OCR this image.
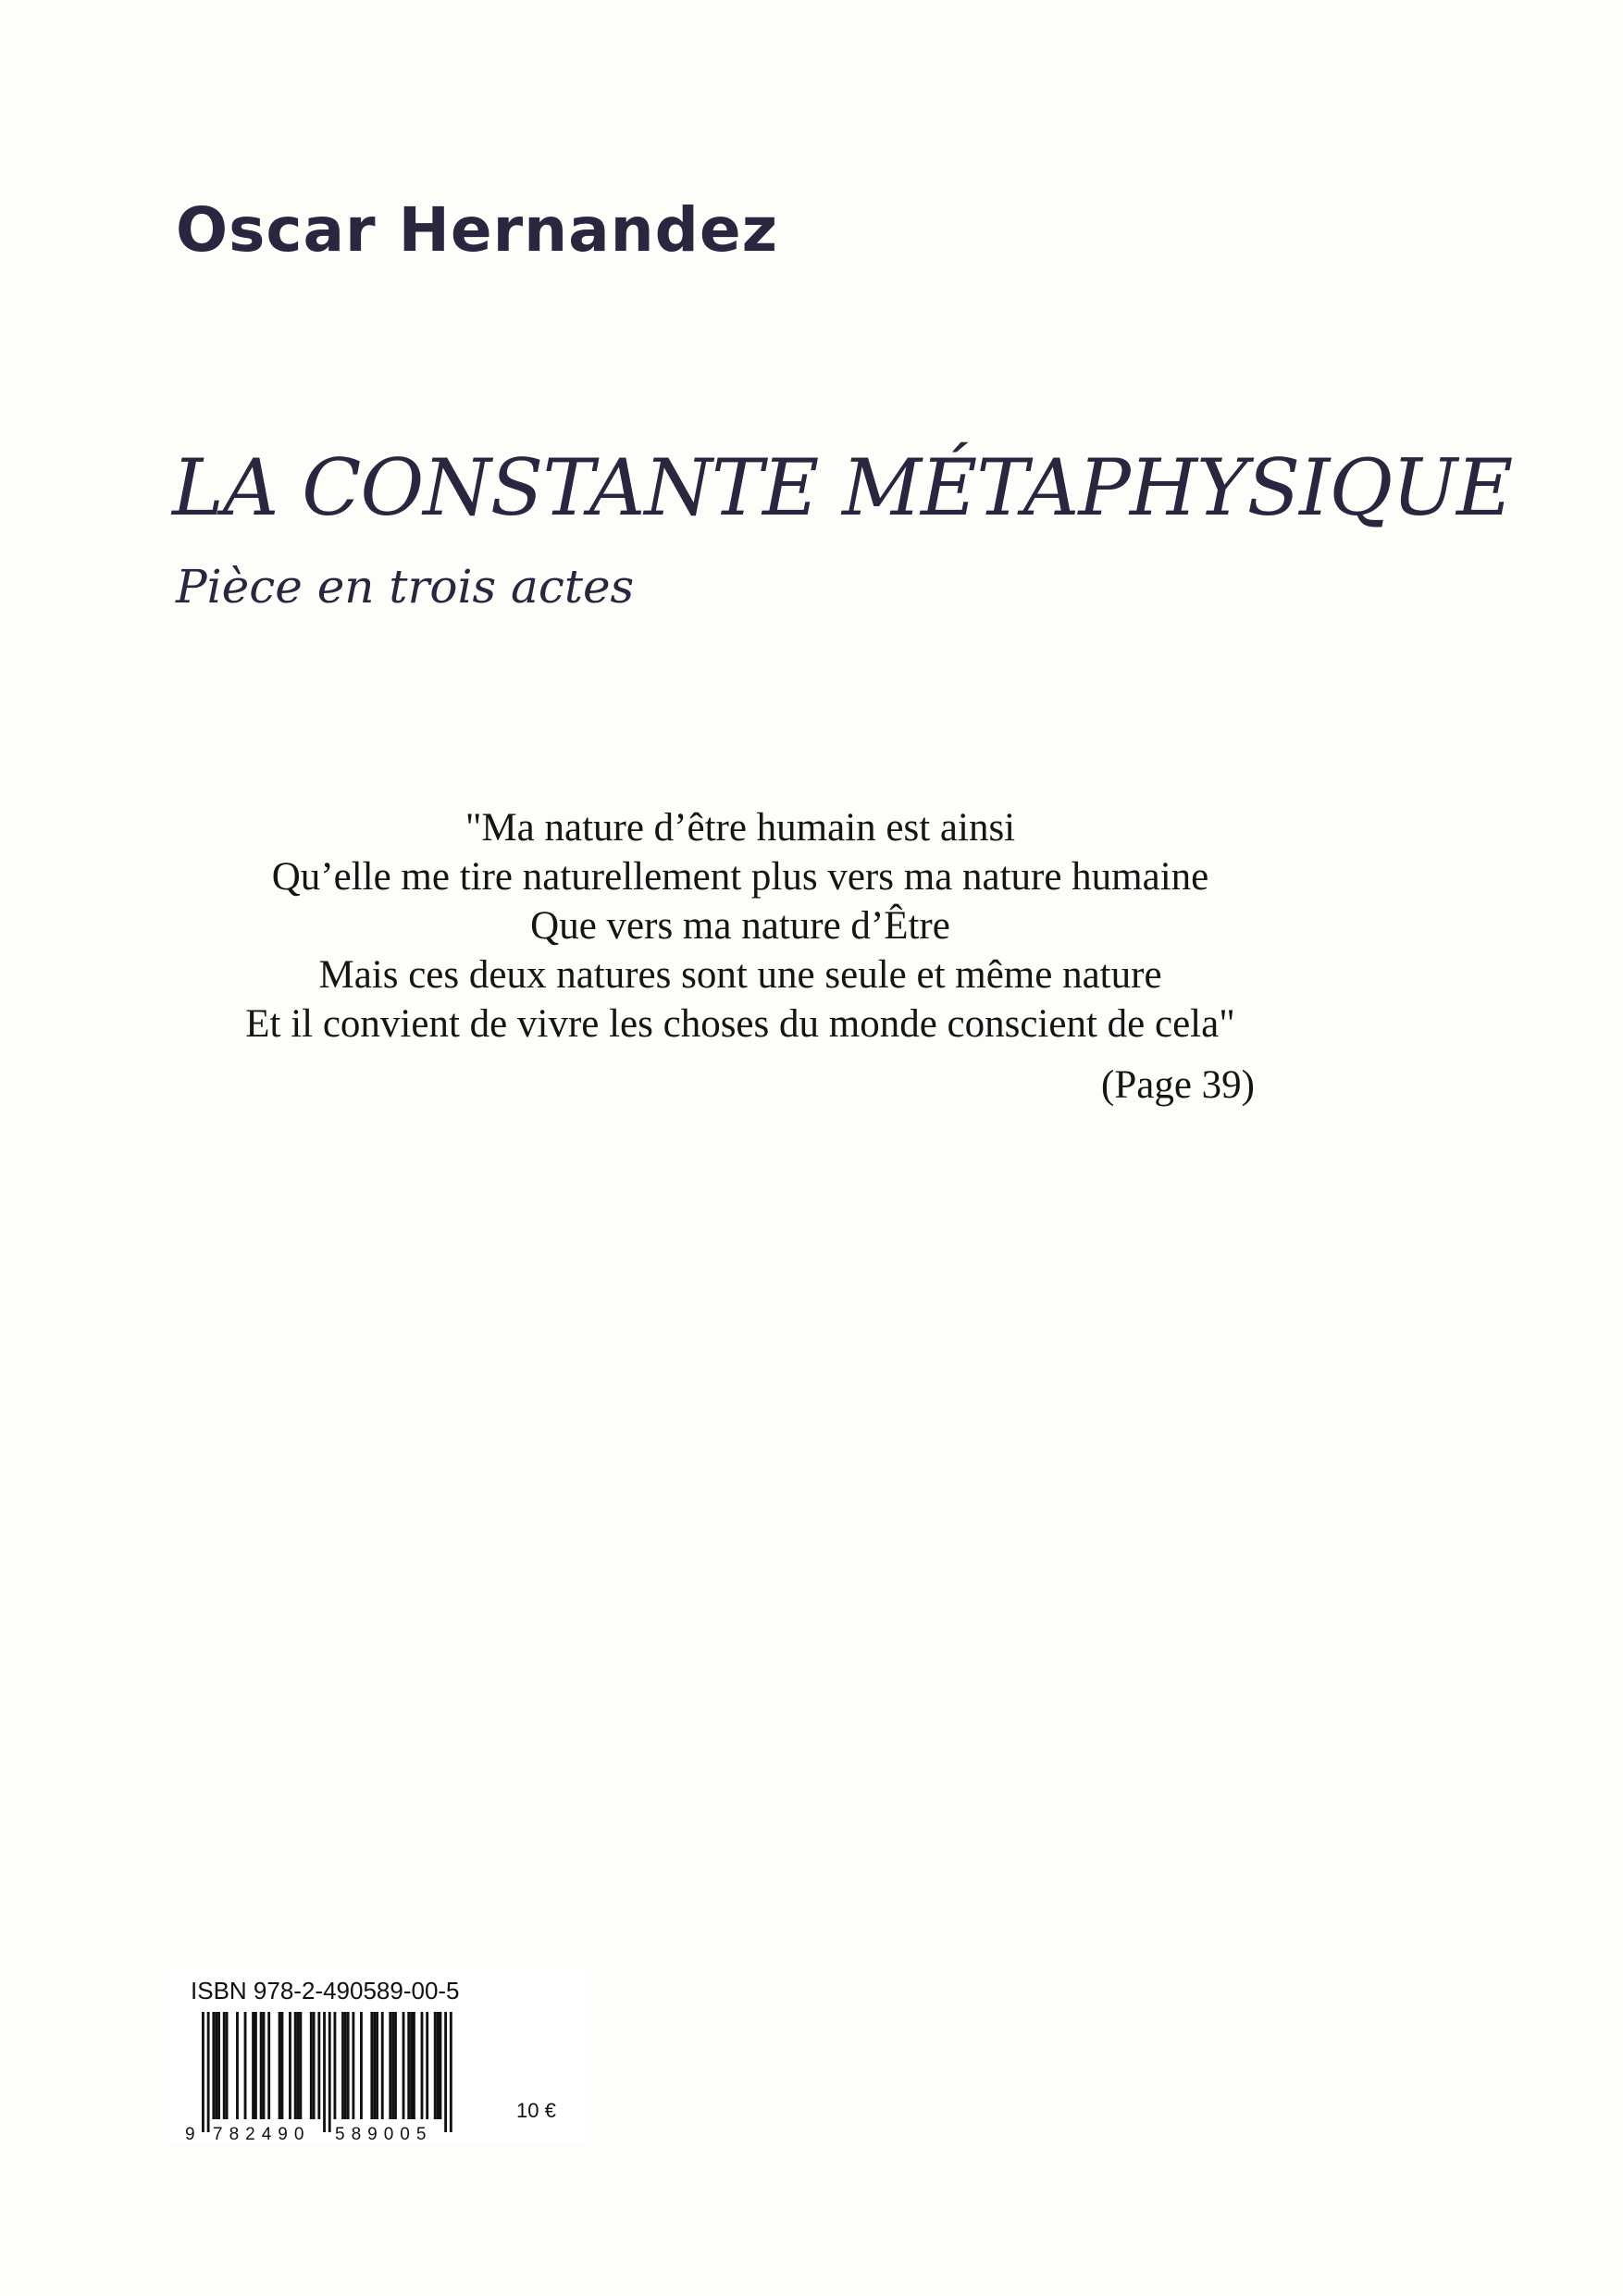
Oscar Hernandez
LA CONSTANTE MÉTAPHYSIQUE
Pièce en trois actes
"Ma nature d’être humain est ainsi
Qu’elle me tire naturellement plus vers ma nature humaine
Que vers ma nature d’Être
Mais ces deux natures sont une seule et même nature
Et il convient de vivre les choses du monde conscient de cela"
(Page 39)
ISBN 978-2-490589-00-5
9 782490 589005
10 €
